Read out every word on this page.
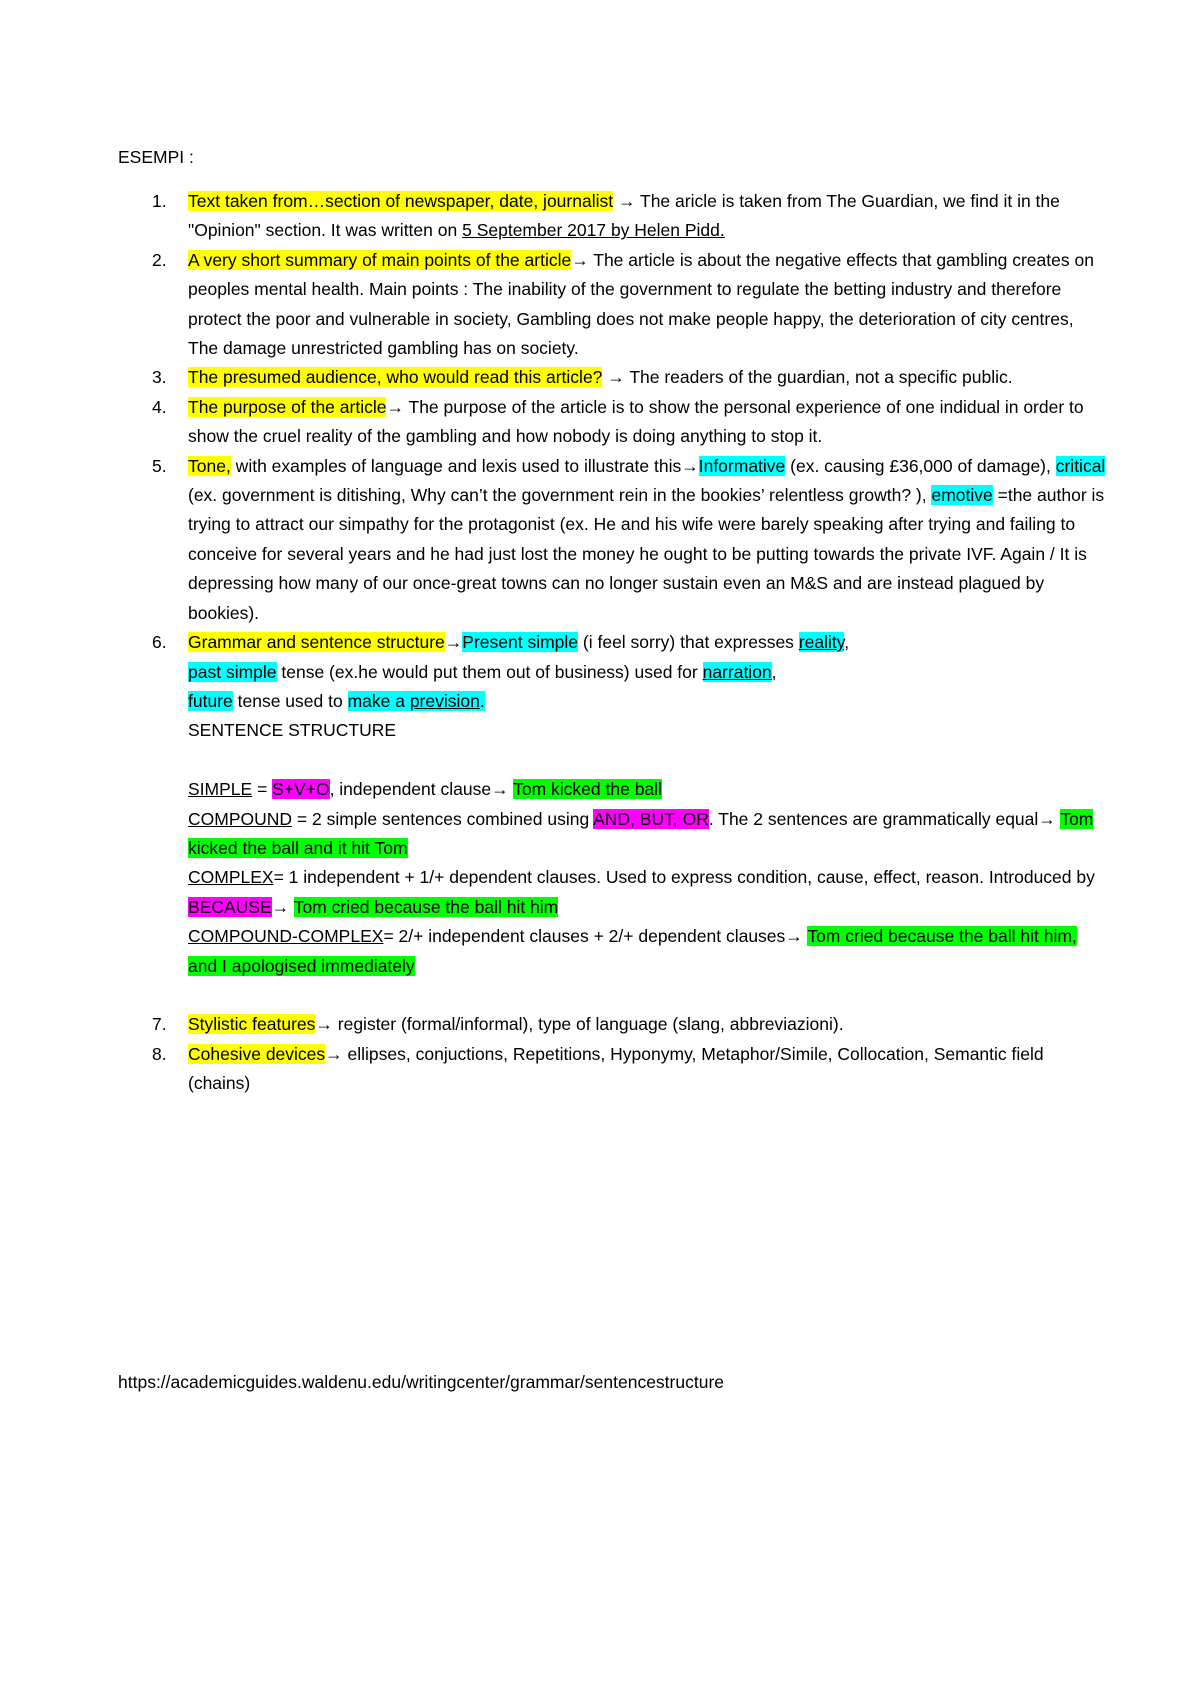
ESEMPI :
1. Text taken from…section of newspaper, date, journalist → The aricle is taken from The Guardian, we find it in the "Opinion" section. It was written on 5 September 2017 by Helen Pidd.
2. A very short summary of main points of the article→ The article is about the negative effects that gambling creates on peoples mental health. Main points : The inability of the government to regulate the betting industry and therefore protect the poor and vulnerable in society, Gambling does not make people happy, the deterioration of city centres, The damage unrestricted gambling has on society.
3. The presumed audience, who would read this article? → The readers of the guardian, not a specific public.
4. The purpose of the article→ The purpose of the article is to show the personal experience of one indidual in order to show the cruel reality of the gambling and how nobody is doing anything to stop it.
5. Tone, with examples of language and lexis used to illustrate this→Informative (ex. causing £36,000 of damage), critical (ex. government is ditishing, Why can’t the government rein in the bookies’ relentless growth? ), emotive =the author is trying to attract our simpathy for the protagonist (ex. He and his wife were barely speaking after trying and failing to conceive for several years and he had just lost the money he ought to be putting towards the private IVF. Again / It is depressing how many of our once-great towns can no longer sustain even an M&S and are instead plagued by bookies).
6. Grammar and sentence structure→Present simple (i feel sorry) that expresses reality,
past simple tense (ex.he would put them out of business) used for narration,
future tense used to make a prevision.
SENTENCE STRUCTURE

SIMPLE = S+V+O, independent clause→ Tom kicked the ball
COMPOUND = 2 simple sentences combined using AND, BUT, OR. The 2 sentences are grammatically equal→ Tom kicked the ball and it hit Tom
COMPLEX= 1 independent + 1/+ dependent clauses. Used to express condition, cause, effect, reason. Introduced by BECAUSE→ Tom cried because the ball hit him
COMPOUND-COMPLEX= 2/+ independent clauses + 2/+ dependent clauses→ Tom cried because the ball hit him, and I apologised immediately
7. Stylistic features→ register (formal/informal), type of language (slang, abbreviazioni).
8. Cohesive devices→ ellipses, conjuctions, Repetitions, Hyponymy, Metaphor/Simile, Collocation, Semantic field (chains)
https://academicguides.waldenu.edu/writingcenter/grammar/sentencestructure
